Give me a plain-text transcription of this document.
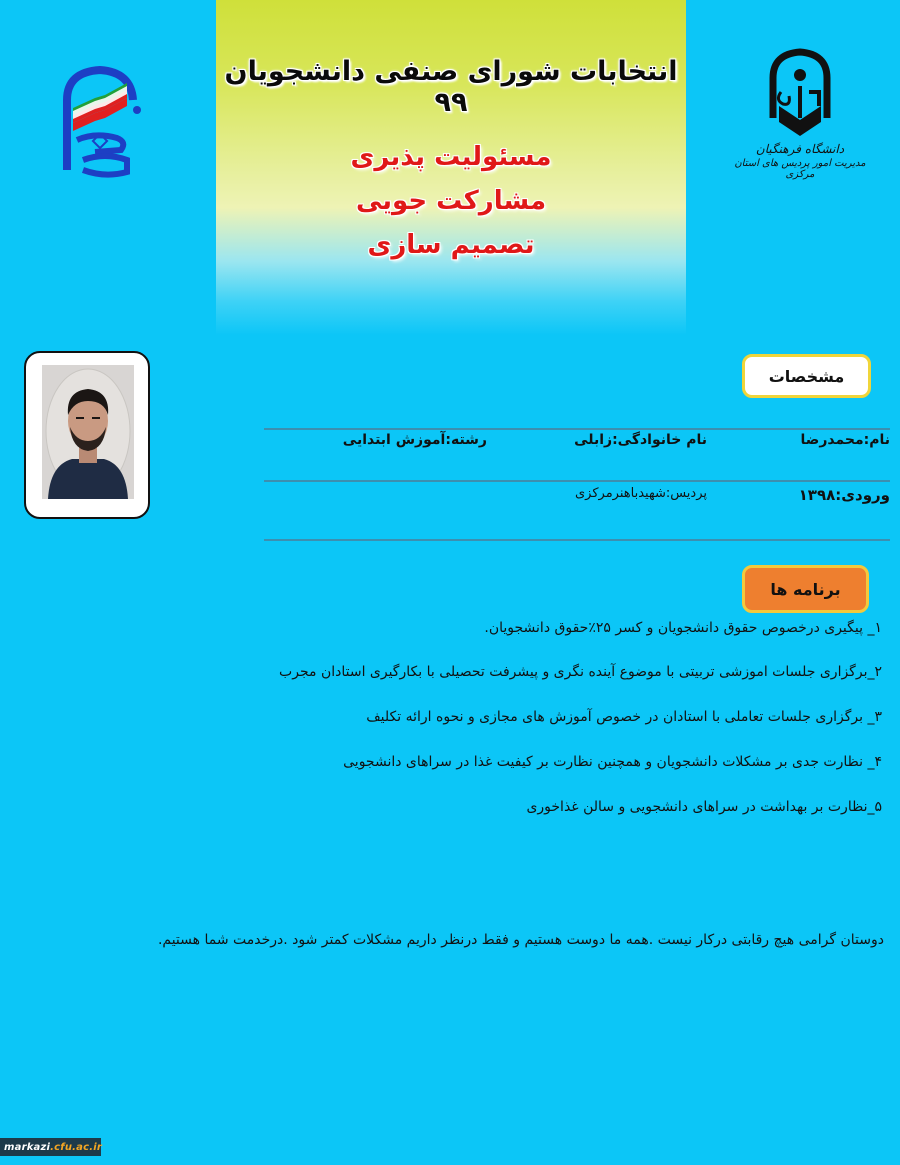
انتخابات شورای صنفی دانشجویان ۹۹
مسئولیت پذیری
مشارکت جویی
تصمیم سازی
دانشگاه فرهنگیان
مدیریت امور پردیس های استان مرکزی
مشخصات
نام:محمدرضا
نام خانوادگی:زابلی
رشته:آموزش ابتدایی
ورودی:۱۳۹۸
پردیس:شهیدباهنرمرکزی
برنامه ها
۱_ پیگیری درخصوص حقوق دانشجویان و کسر ۲۵٪حقوق دانشجویان.
۲_برگزاری جلسات اموزشی تربیتی با موضوع آینده نگری و پیشرفت تحصیلی با بکارگیری استادان مجرب
۳_ برگزاری جلسات تعاملی با استادان در خصوص آموزش های مجازی و نحوه ارائه تکلیف
۴_ نظارت جدی بر مشکلات دانشجویان و همچنین نظارت بر کیفیت غذا در سراهای دانشجویی
۵_نظارت بر بهداشت در سراهای دانشجویی و سالن غذاخوری
دوستان گرامی هیچ رقابتی درکار نیست .همه ما دوست هستیم و فقط درنظر داریم مشکلات کمتر شود .درخدمت شما هستیم.
markazi .cfu.ac.ir
